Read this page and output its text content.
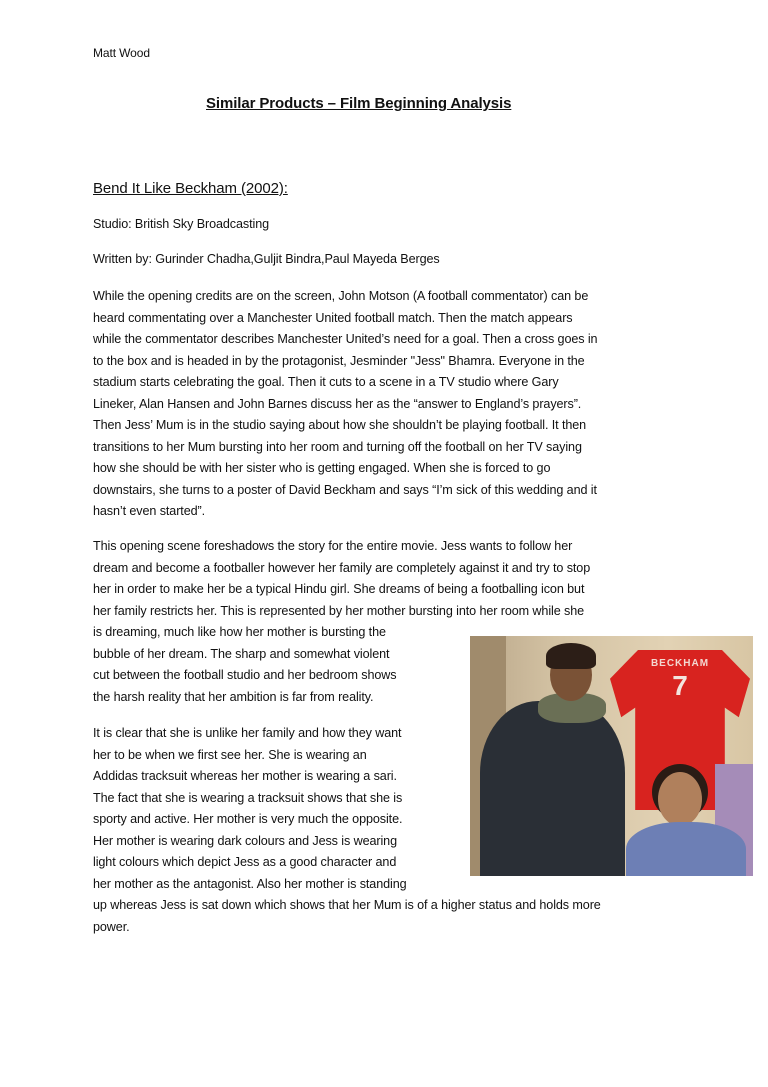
Matt Wood
Similar Products – Film Beginning Analysis
Bend It Like Beckham (2002):
Studio: British Sky Broadcasting
Written by: Gurinder Chadha,Guljit Bindra,Paul Mayeda Berges
While the opening credits are on the screen, John Motson (A football commentator) can be
heard commentating over a Manchester United football match. Then the match appears
while the commentator describes Manchester United’s need for a goal. Then a cross goes in
to the box and is headed in by the protagonist, Jesminder "Jess" Bhamra. Everyone in the
stadium starts celebrating the goal. Then it cuts to a scene in a TV studio where Gary
Lineker, Alan Hansen and John Barnes discuss her as the “answer to England’s prayers”.
Then Jess’ Mum is in the studio saying about how she shouldn’t be playing football. It then
transitions to her Mum bursting into her room and turning off the football on her TV saying
how she should be with her sister who is getting engaged. When she is forced to go
downstairs, she turns to a poster of David Beckham and says “I’m sick of this wedding and it
hasn’t even started”.
This opening scene foreshadows the story for the entire movie. Jess wants to follow her
dream and become a footballer however her family are completely against it and try to stop
her in order to make her be a typical Hindu girl. She dreams of being a footballing icon but
her family restricts her. This is represented by her mother bursting into her room while she
is dreaming, much like how her mother is bursting the
bubble of her dream. The sharp and somewhat violent
cut between the football studio and her bedroom shows
the harsh reality that her ambition is far from reality.
It is clear that she is unlike her family and how they want
her to be when we first see her. She is wearing an
Addidas tracksuit whereas her mother is wearing a sari.
The fact that she is wearing a tracksuit shows that she is
sporty and active. Her mother is very much the opposite.
Her mother is wearing dark colours and Jess is wearing
light colours which depict Jess as a good character and
her mother as the antagonist. Also her mother is standing
up whereas Jess is sat down which shows that her Mum is of a higher status and holds more
power.
BECKHAM
7
